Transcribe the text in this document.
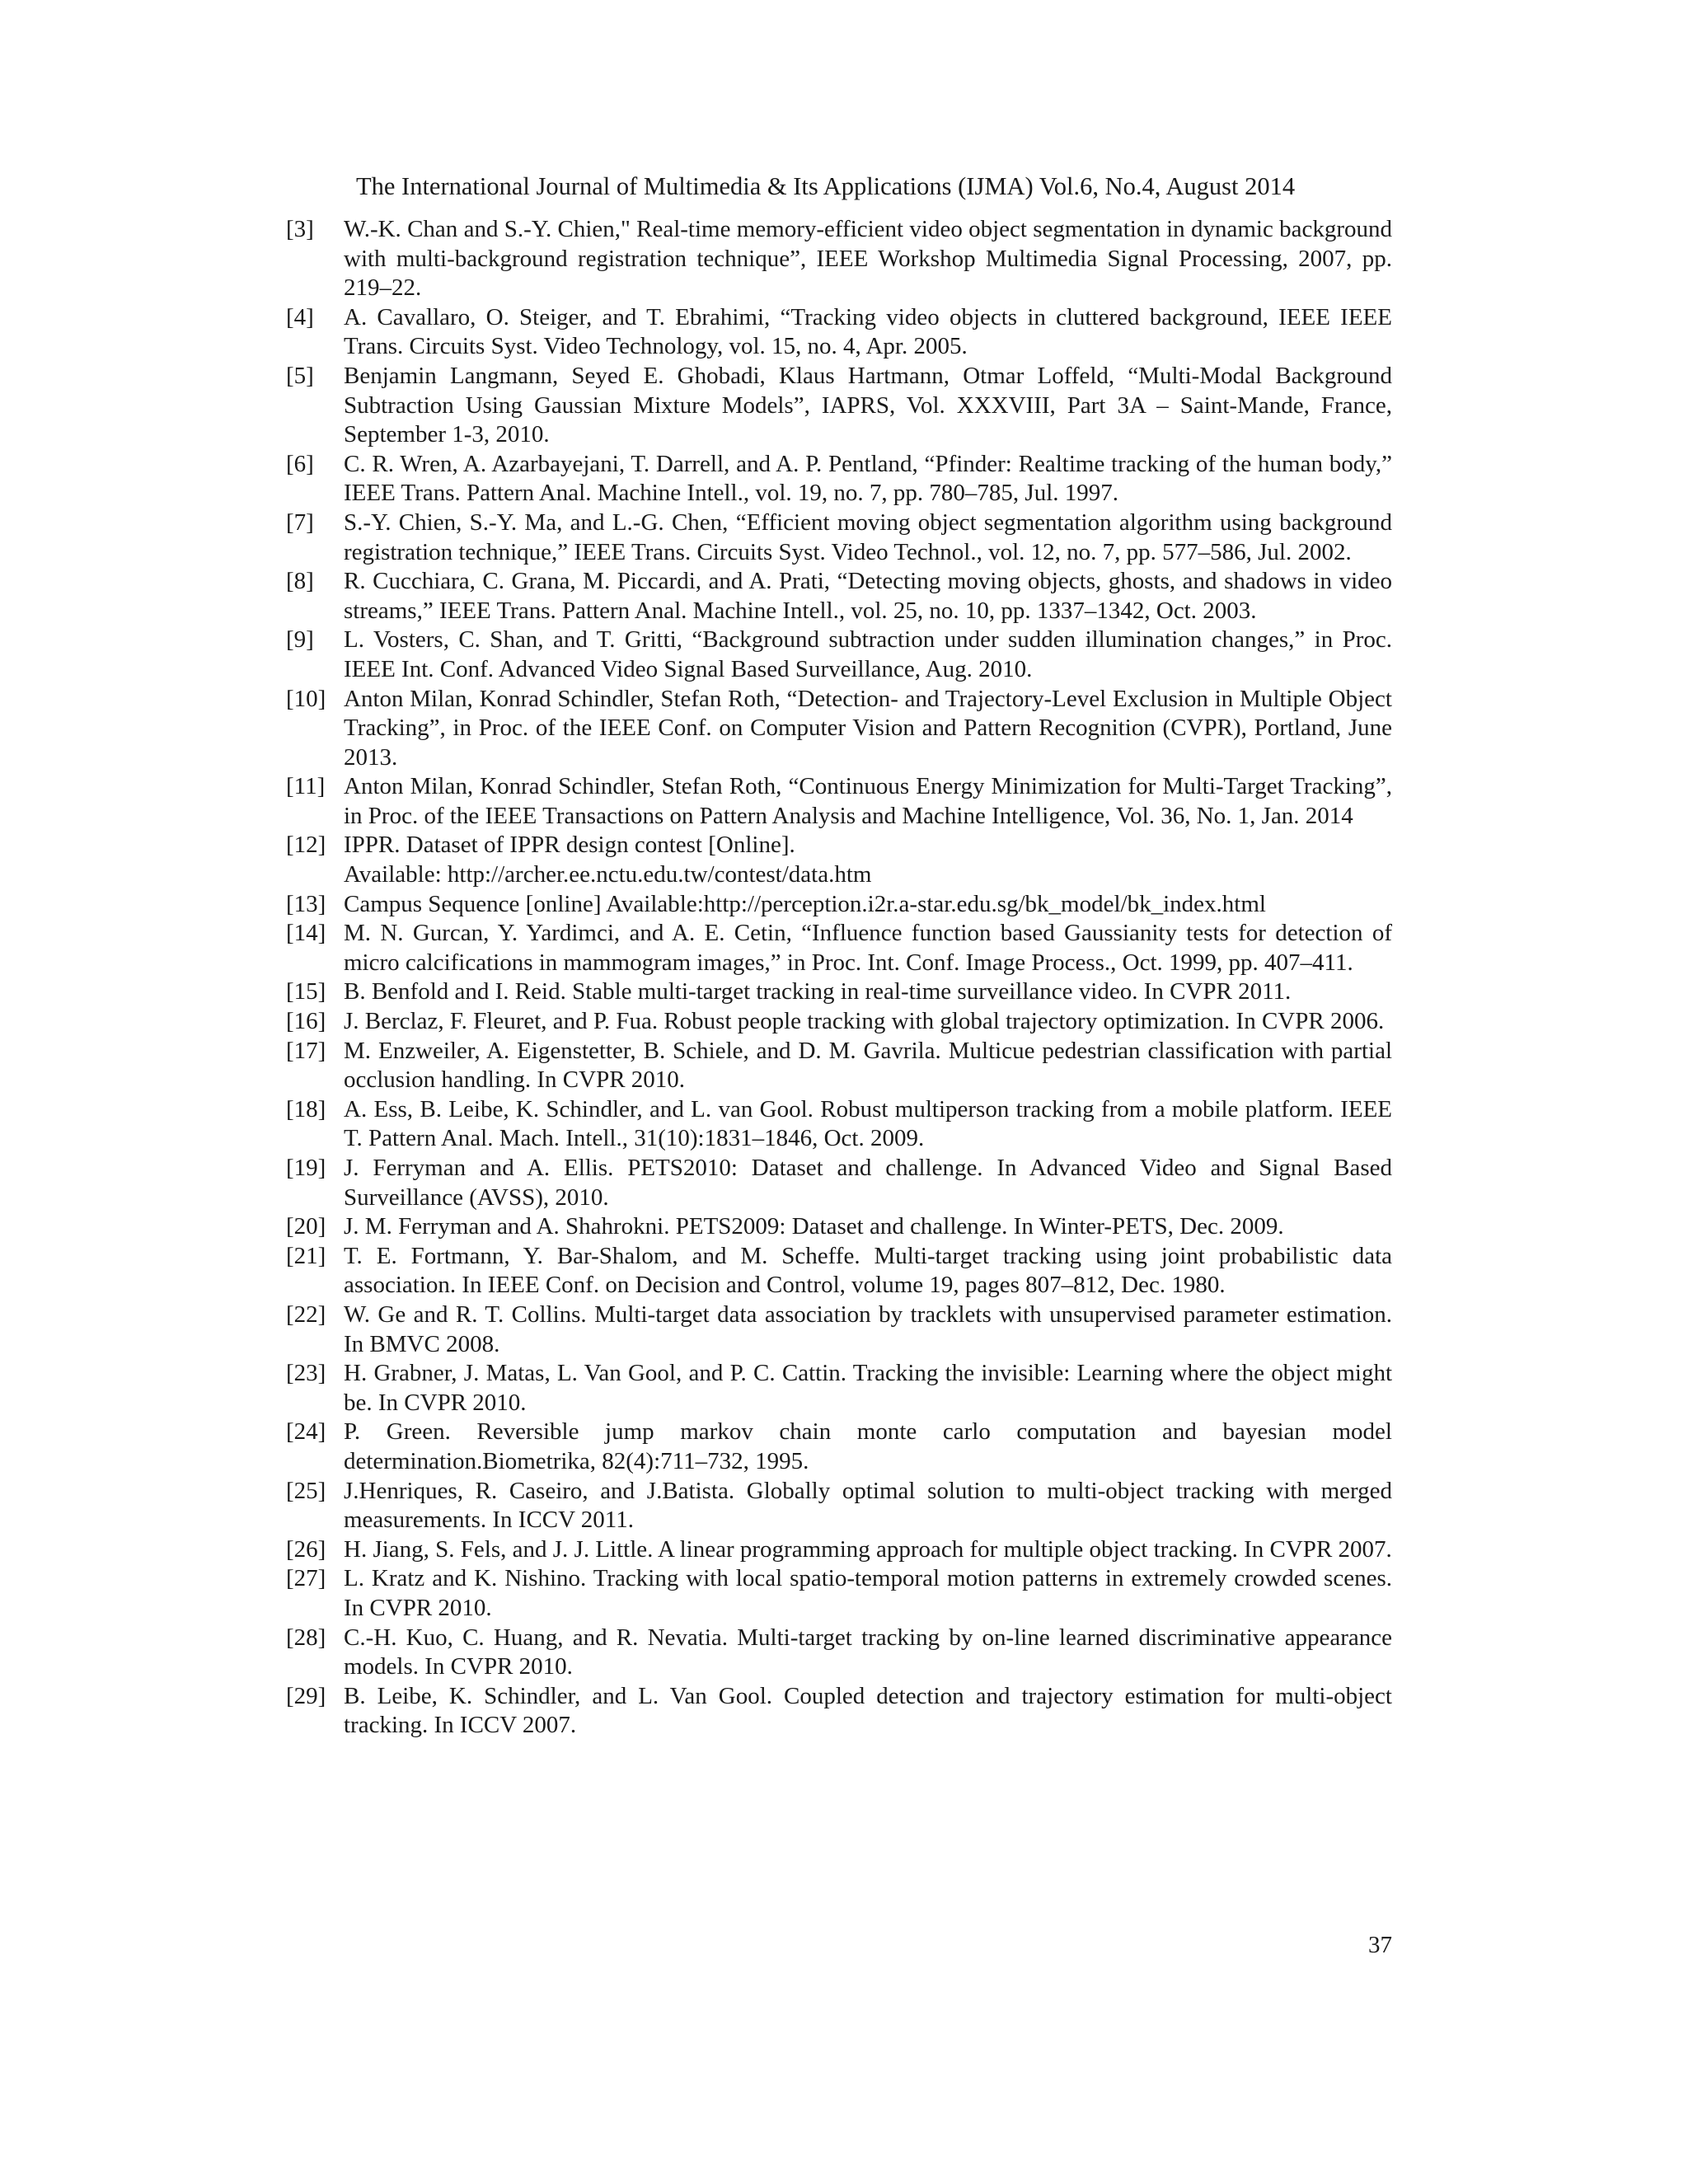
The International Journal of Multimedia & Its Applications (IJMA) Vol.6, No.4, August 2014
[3]	W.-K. Chan and S.-Y. Chien," Real-time memory-efficient video object segmentation in dynamic background with multi-background registration technique”, IEEE Workshop Multimedia Signal Processing, 2007, pp. 219–22.
[4]	A. Cavallaro, O. Steiger, and T. Ebrahimi, “Tracking video objects in cluttered background, IEEE IEEE Trans. Circuits Syst. Video Technology, vol. 15, no. 4, Apr. 2005.
[5]	Benjamin Langmann, Seyed E. Ghobadi, Klaus Hartmann, Otmar Loffeld, “Multi-Modal Background Subtraction Using Gaussian Mixture Models”, IAPRS, Vol. XXXVIII, Part 3A – Saint-Mande, France, September 1-3, 2010.
[6]	C. R. Wren, A. Azarbayejani, T. Darrell, and A. P. Pentland, “Pfinder: Realtime tracking of the human body,” IEEE Trans. Pattern Anal. Machine Intell., vol. 19, no. 7, pp. 780–785, Jul. 1997.
[7]	S.-Y. Chien, S.-Y. Ma, and L.-G. Chen, “Efficient moving object segmentation algorithm using background registration technique,” IEEE Trans. Circuits Syst. Video Technol., vol. 12, no. 7, pp. 577–586, Jul. 2002.
[8]	R. Cucchiara, C. Grana, M. Piccardi, and A. Prati, “Detecting moving objects, ghosts, and shadows in video streams,” IEEE Trans. Pattern Anal. Machine Intell., vol. 25, no. 10, pp. 1337–1342, Oct. 2003.
[9]	L. Vosters, C. Shan, and T. Gritti, “Background subtraction under sudden illumination changes,” in Proc. IEEE Int. Conf. Advanced Video Signal Based Surveillance, Aug. 2010.
[10] Anton Milan, Konrad Schindler, Stefan Roth, “Detection- and Trajectory-Level Exclusion in Multiple Object Tracking”, in Proc. of the IEEE Conf. on Computer Vision and Pattern Recognition (CVPR), Portland, June 2013.
[11] Anton Milan, Konrad Schindler, Stefan Roth, “Continuous Energy Minimization for Multi-Target Tracking”, in Proc. of the IEEE Transactions on Pattern Analysis and Machine Intelligence, Vol. 36, No. 1, Jan. 2014
[12] IPPR. Dataset of IPPR design contest [Online].
Available: http://archer.ee.nctu.edu.tw/contest/data.htm
[13] Campus Sequence [online] Available:http://perception.i2r.a-star.edu.sg/bk_model/bk_index.html
[14] M. N. Gurcan, Y. Yardimci, and A. E. Cetin, “Influence function based Gaussianity tests for detection of micro calcifications in mammogram images,” in Proc. Int. Conf. Image Process., Oct. 1999, pp. 407–411.
[15] B. Benfold and I. Reid. Stable multi-target tracking in real-time surveillance video. In CVPR 2011.
[16] J. Berclaz, F. Fleuret, and P. Fua. Robust people tracking with global trajectory optimization. In CVPR 2006.
[17] M. Enzweiler, A. Eigenstetter, B. Schiele, and D. M. Gavrila. Multicue pedestrian classification with partial occlusion handling. In CVPR 2010.
[18] A. Ess, B. Leibe, K. Schindler, and L. van Gool. Robust multiperson tracking from a mobile platform. IEEE T. Pattern Anal. Mach. Intell., 31(10):1831–1846, Oct. 2009.
[19] J. Ferryman and A. Ellis. PETS2010: Dataset and challenge. In Advanced Video and Signal Based Surveillance (AVSS), 2010.
[20] J. M. Ferryman and A. Shahrokni. PETS2009: Dataset and challenge. In Winter-PETS, Dec. 2009.
[21] T. E. Fortmann, Y. Bar-Shalom, and M. Scheffe. Multi-target tracking using joint probabilistic data association. In IEEE Conf. on Decision and Control, volume 19, pages 807–812, Dec. 1980.
[22] W. Ge and R. T. Collins. Multi-target data association by tracklets with unsupervised parameter estimation. In BMVC 2008.
[23] H. Grabner, J. Matas, L. Van Gool, and P. C. Cattin. Tracking the invisible: Learning where the object might be. In CVPR 2010.
[24] P. Green. Reversible jump markov chain monte carlo computation and bayesian model determination.Biometrika, 82(4):711–732, 1995.
[25] J.Henriques, R. Caseiro, and J.Batista. Globally optimal solution to multi-object tracking with merged measurements. In ICCV 2011.
[26] H. Jiang, S. Fels, and J. J. Little. A linear programming approach for multiple object tracking. In CVPR 2007.
[27] L. Kratz and K. Nishino. Tracking with local spatio-temporal motion patterns in extremely crowded scenes. In CVPR 2010.
[28] C.-H. Kuo, C. Huang, and R. Nevatia. Multi-target tracking by on-line learned discriminative appearance models. In CVPR 2010.
[29] B. Leibe, K. Schindler, and L. Van Gool. Coupled detection and trajectory estimation for multi-object tracking. In ICCV 2007.
37
